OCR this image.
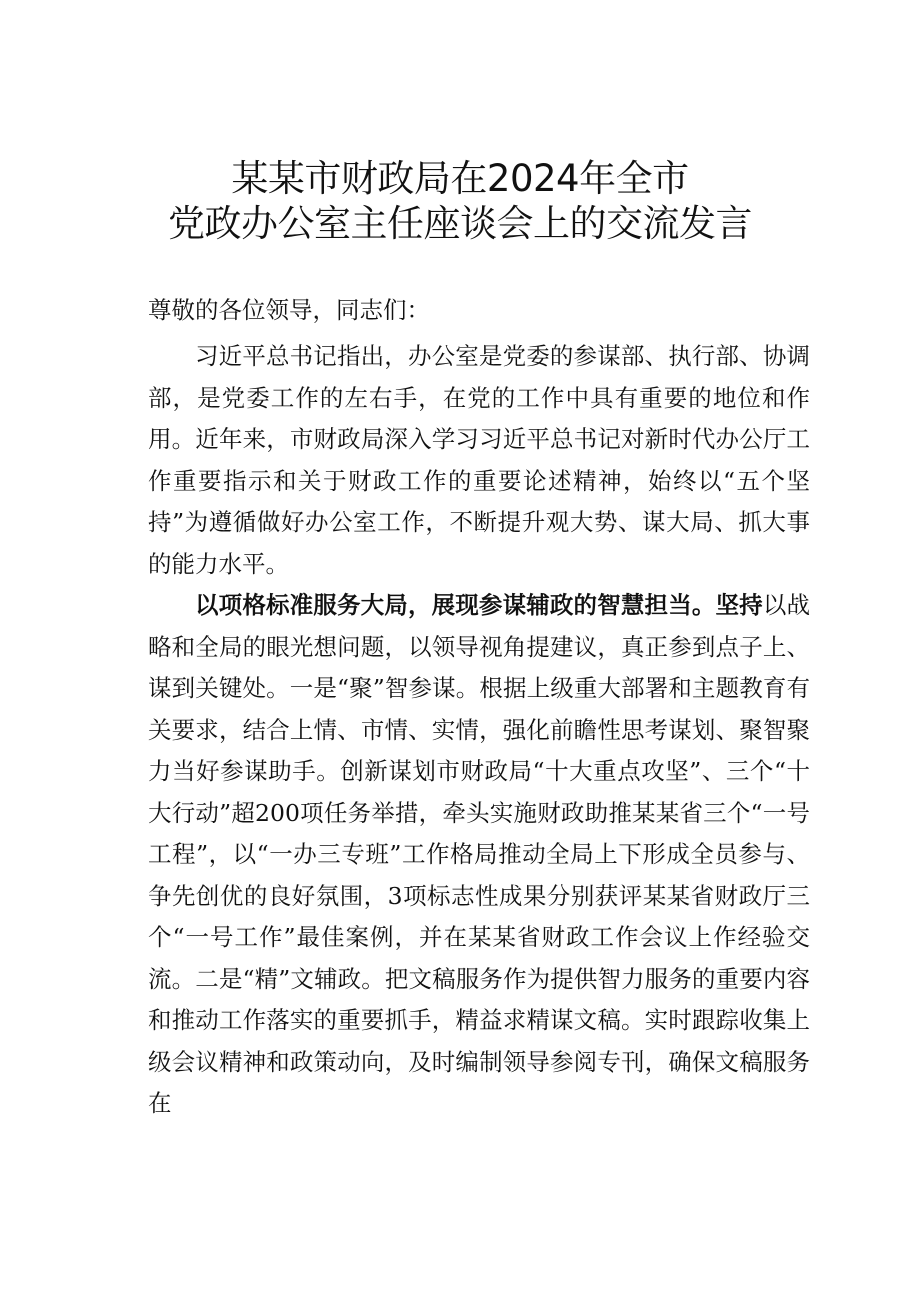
某某市财政局在2024年全市
党政办公室主任座谈会上的交流发言

尊敬的各位领导，同志们：

习近平总书记指出，办公室是党委的参谋部、执行部、协调部，是党委工作的左右手，在党的工作中具有重要的地位和作用。近年来，市财政局深入学习习近平总书记对新时代办公厅工作重要指示和关于财政工作的重要论述精神，始终以“五个坚持”为遵循做好办公室工作，不断提升观大势、谋大局、抓大事的能力水平。

以项格标准服务大局，展现参谋辅政的智慧担当。坚持以战略和全局的眼光想问题，以领导视角提建议，真正参到点子上、谋到关键处。一是“聚”智参谋。根据上级重大部署和主题教育有关要求，结合上情、市情、实情，强化前瞻性思考谋划、聚智聚力当好参谋助手。创新谋划市财政局“十大重点攻坚”、三个“十大行动”超200项任务举措，牵头实施财政助推某某省三个“一号工程”，以“一办三专班”工作格局推动全局上下形成全员参与、争先创优的良好氛围，3项标志性成果分别获评某某省财政厅三个“一号工作”最佳案例，并在某某省财政工作会议上作经验交流。二是“精”文辅政。把文稿服务作为提供智力服务的重要内容和推动工作落实的重要抓手，精益求精谋文稿。实时跟踪收集上级会议精神和政策动向，及时编制领导参阅专刊，确保文稿服务在
